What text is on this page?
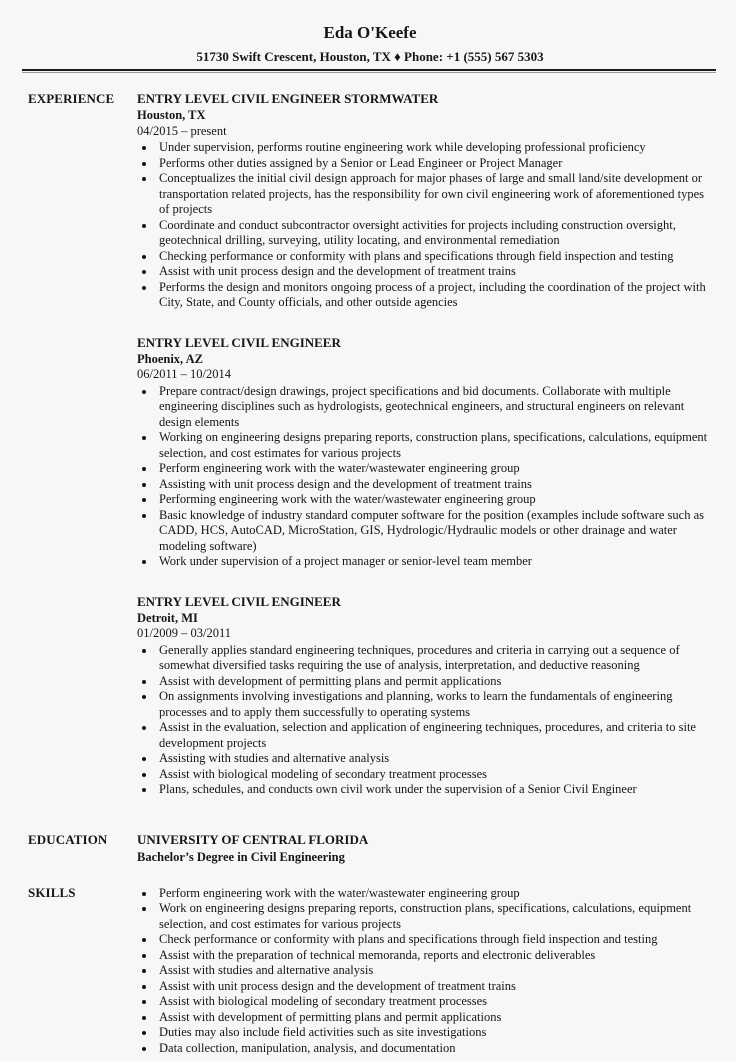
Eda O'Keefe

51730 Swift Crescent, Houston, TX ♦ Phone: +1 (555) 567 5303

EXPERIENCE	ENTRY LEVEL CIVIL ENGINEER STORMWATER
Houston, TX
04/2015 – present
• Under supervision, performs routine engineering work while developing professional proficiency
• Performs other duties assigned by a Senior or Lead Engineer or Project Manager
• Conceptualizes the initial civil design approach for major phases of large and small land/site development or transportation related projects, has the responsibility for own civil engineering work of aforementioned types of projects
• Coordinate and conduct subcontractor oversight activities for projects including construction oversight, geotechnical drilling, surveying, utility locating, and environmental remediation
• Checking performance or conformity with plans and specifications through field inspection and testing
• Assist with unit process design and the development of treatment trains
• Performs the design and monitors ongoing process of a project, including the coordination of the project with City, State, and County officials, and other outside agencies
ENTRY LEVEL CIVIL ENGINEER
Phoenix, AZ
06/2011 – 10/2014
• Prepare contract/design drawings, project specifications and bid documents. Collaborate with multiple engineering disciplines such as hydrologists, geotechnical engineers, and structural engineers on relevant design elements
• Working on engineering designs preparing reports, construction plans, specifications, calculations, equipment selection, and cost estimates for various projects
• Perform engineering work with the water/wastewater engineering group
• Assisting with unit process design and the development of treatment trains
• Performing engineering work with the water/wastewater engineering group
• Basic knowledge of industry standard computer software for the position (examples include software such as CADD, HCS, AutoCAD, MicroStation, GIS, Hydrologic/Hydraulic models or other drainage and water modeling software)
• Work under supervision of a project manager or senior-level team member
ENTRY LEVEL CIVIL ENGINEER
Detroit, MI
01/2009 – 03/2011
• Generally applies standard engineering techniques, procedures and criteria in carrying out a sequence of somewhat diversified tasks requiring the use of analysis, interpretation, and deductive reasoning
• Assist with development of permitting plans and permit applications
• On assignments involving investigations and planning, works to learn the fundamentals of engineering processes and to apply them successfully to operating systems
• Assist in the evaluation, selection and application of engineering techniques, procedures, and criteria to site development projects
• Assisting with studies and alternative analysis
• Assist with biological modeling of secondary treatment processes
• Plans, schedules, and conducts own civil work under the supervision of a Senior Civil Engineer
EDUCATION	UNIVERSITY OF CENTRAL FLORIDA
Bachelor’s Degree in Civil Engineering
SKILLS	• Perform engineering work with the water/wastewater engineering group
• Work on engineering designs preparing reports, construction plans, specifications, calculations, equipment selection, and cost estimates for various projects
• Check performance or conformity with plans and specifications through field inspection and testing
• Assist with the preparation of technical memoranda, reports and electronic deliverables
• Assist with studies and alternative analysis
• Assist with unit process design and the development of treatment trains
• Assist with biological modeling of secondary treatment processes
• Assist with development of permitting plans and permit applications
• Duties may also include field activities such as site investigations
• Data collection, manipulation, analysis, and documentation
